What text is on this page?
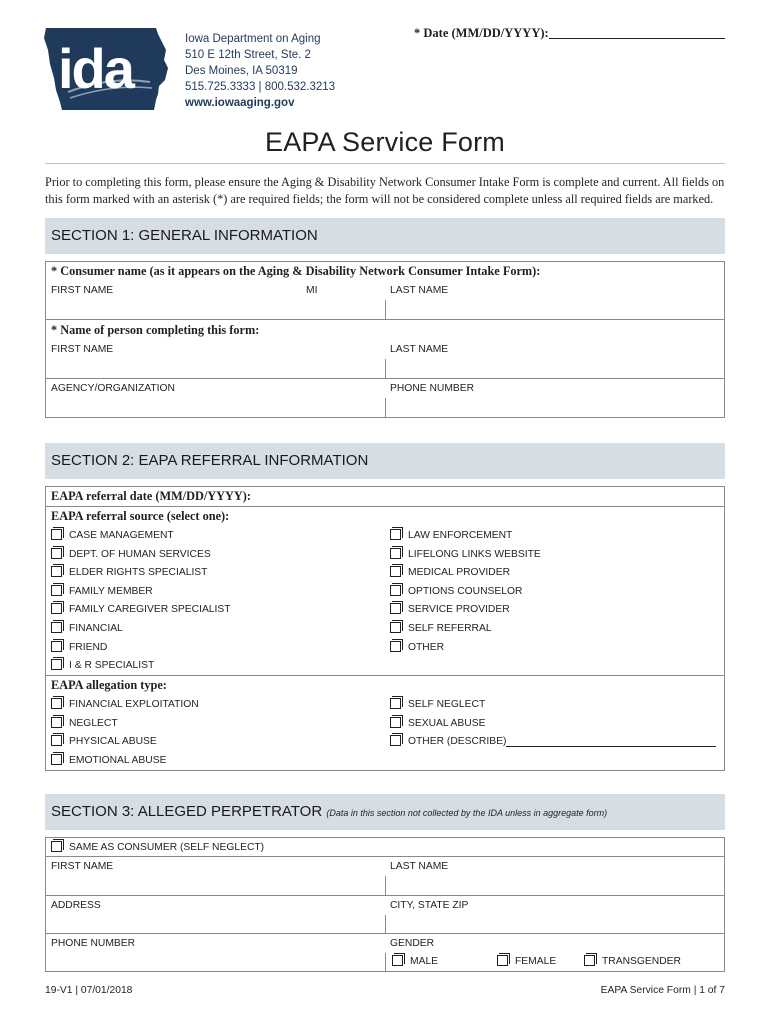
ida	Iowa Department on Aging
510 E 12th Street, Ste. 2
Des Moines, IA 50319
515.725.3333 | 800.532.3213
www.iowaaging.gov
* Date (MM/DD/YYYY):
EAPA Service Form
Prior to completing this form, please ensure the Aging & Disability Network Consumer Intake Form is complete and current. All fields on this form marked with an asterisk (*) are required fields; the form will not be considered complete unless all required fields are marked.
SECTION 1: GENERAL INFORMATION
* Consumer name (as it appears on the Aging & Disability Network Consumer Intake Form):
FIRST NAME	MI	LAST NAME
* Name of person completing this form:
FIRST NAME	LAST NAME
AGENCY/ORGANIZATION	PHONE NUMBER
SECTION 2: EAPA REFERRAL INFORMATION
EAPA referral date (MM/DD/YYYY):
EAPA referral source (select one):
CASE MANAGEMENT
DEPT. OF HUMAN SERVICES
ELDER RIGHTS SPECIALIST
FAMILY MEMBER
FAMILY CAREGIVER SPECIALIST
FINANCIAL
FRIEND
I & R SPECIALIST
LAW ENFORCEMENT
LIFELONG LINKS WEBSITE
MEDICAL PROVIDER
OPTIONS COUNSELOR
SERVICE PROVIDER
SELF REFERRAL
OTHER
EAPA allegation type:
FINANCIAL EXPLOITATION
NEGLECT
PHYSICAL ABUSE
EMOTIONAL ABUSE
SELF NEGLECT
SEXUAL ABUSE
OTHER (DESCRIBE)
SECTION 3: ALLEGED PERPETRATOR (Data in this section not collected by the IDA unless in aggregate form)
SAME AS CONSUMER (SELF NEGLECT)
FIRST NAME	LAST NAME
ADDRESS	CITY, STATE ZIP
PHONE NUMBER	GENDER
MALE	FEMALE	TRANSGENDER
19-V1 | 07/01/2018	EAPA Service Form | 1 of 7
